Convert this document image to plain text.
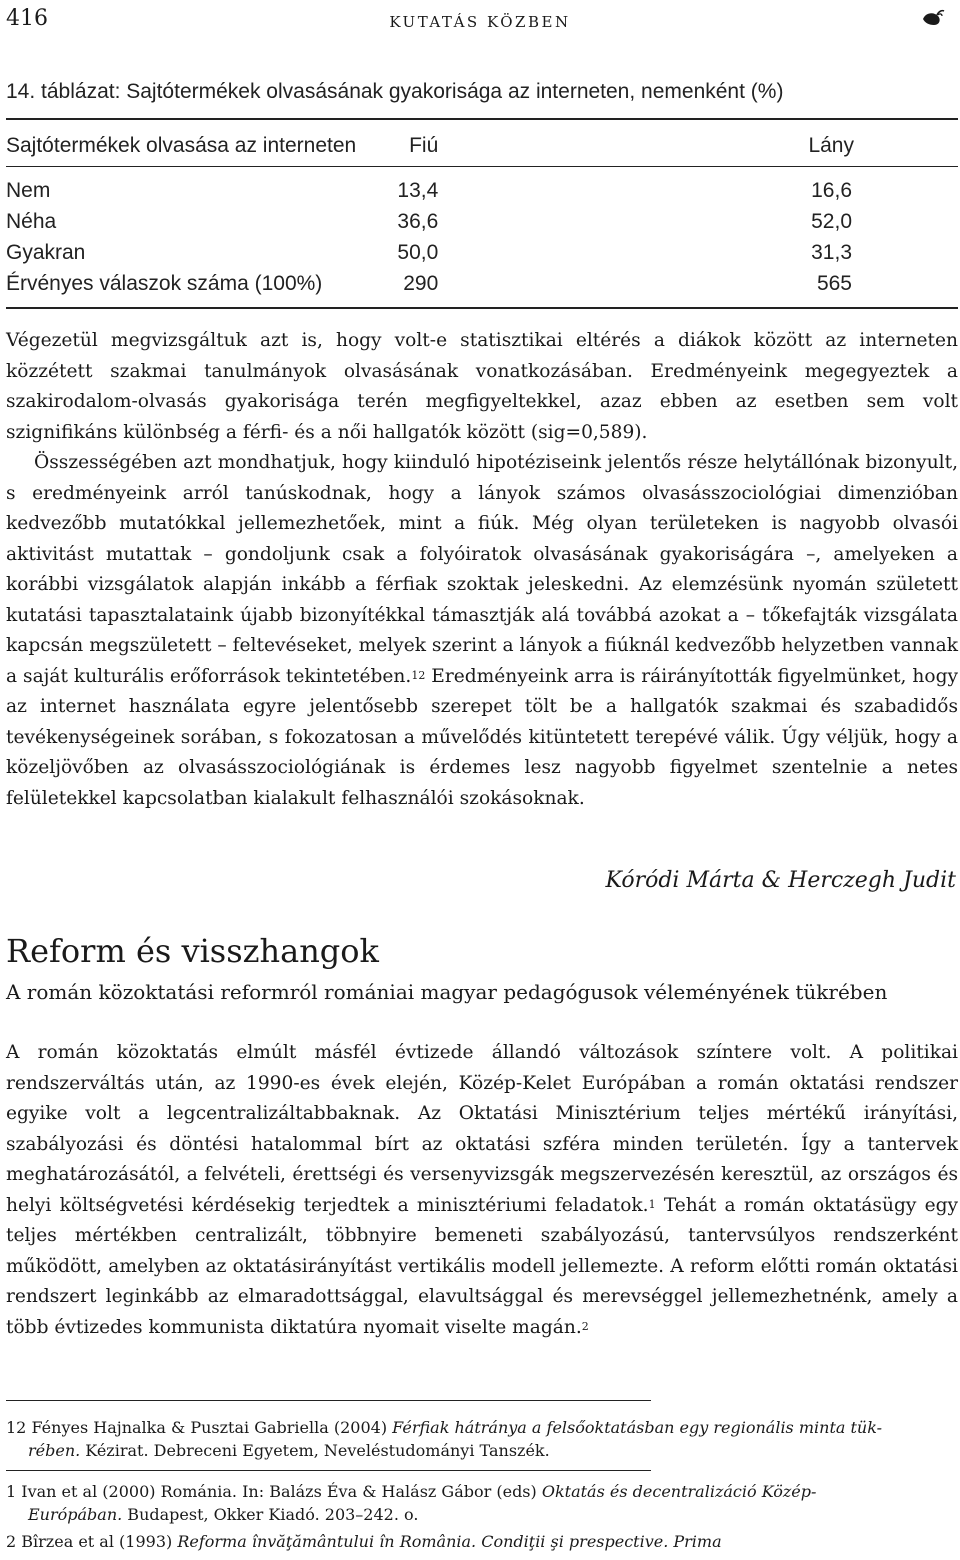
416	KUTATÁS KÖZBEN
14. táblázat: Sajtótermékek olvasásának gyakorisága az interneten, nemenként (%)
Sajtótermékek olvasása az interneten	Fiú	Lány
Nem	13,4	16,6
Néha	36,6	52,0
Gyakran	50,0	31,3
Érvényes válaszok száma (100%)	290	565

Végezetül megvizsgáltuk azt is, hogy volt-e statisztikai eltérés a diákok között az interneten közzétett szakmai tanulmányok olvasásának vonatkozásában. Eredményeink megegyeztek a szakirodalom-olvasás gyakorisága terén megfigyeltekkel, azaz ebben az esetben sem volt szignifikáns különbség a férfi- és a női hallgatók között (sig=0,589).

Összességében azt mondhatjuk, hogy kiinduló hipotéziseink jelentős része helytállónak bizonyult, s eredményeink arról tanúskodnak, hogy a lányok számos olvasásszociológiai dimenzióban kedvezőbb mutatókkal jellemezhetőek, mint a fiúk. Még olyan területeken is nagyobb olvasói aktivitást mutattak – gondoljunk csak a folyóiratok olvasásának gyakoriságára –, amelyeken a korábbi vizsgálatok alapján inkább a férfiak szoktak jeleskedni. Az elemzésünk nyomán született kutatási tapasztalataink újabb bizonyítékkal támasztják alá továbbá azokat a – tőkefajták vizsgálata kapcsán megszületett – feltevéseket, melyek szerint a lányok a fiúknál kedvezőbb helyzetben vannak a saját kulturális erőforrások tekintetében.$^{12}$ Eredményeink arra is ráirányították figyelmünket, hogy az internet használata egyre jelentősebb szerepet tölt be a hallgatók szakmai és szabadidős tevékenységeinek sorában, s fokozatosan a művelődés kitüntetett terepévé válik. Úgy véljük, hogy a közeljövőben az olvasásszociológiának is érdemes lesz nagyobb figyelmet szentelnie a netes felületekkel kapcsolatban kialakult felhasználói szokásoknak.

Kóródi Márta & Herczegh Judit
Reform és visszhangok
A román közoktatási reformról romániai magyar pedagógusok véleményének tükrében

A román közoktatás elmúlt másfél évtizede állandó változások színtere volt. A politikai rendszerváltás után, az 1990-es évek elején, Közép-Kelet Európában a román oktatási rendszer egyike volt a legcentralizáltabbaknak. Az Oktatási Minisztérium teljes mértékű irányítási, szabályozási és döntési hatalommal bírt az oktatási szféra minden területén. Így a tantervek meghatározásától, a felvételi, érettségi és versenyvizsgák megszervezésén keresztül, az országos és helyi költségvetési kérdésekig terjedtek a minisztériumi feladatok.$^1$ Tehát a román oktatásügy egy teljes mértékben centralizált, többnyire bemeneti szabályozású, tantervsúlyos rendszerként működött, amelyben az oktatásirányítást vertikális modell jellemezte. A reform előtti román oktatási rendszert leginkább az elmaradottsággal, elavultsággal és merevséggel jellemezhetnénk, amely a több évtizedes kommunista diktatúra nyomait viselte magán.$^2$

12 Fényes Hajnalka & Pusztai Gabriella (2004) Férfiak hátránya a felsőoktatásban egy regionális minta tük-
rében. Kézirat. Debreceni Egyetem, Neveléstudományi Tanszék.
1 Ivan et al (2000) Románia. In: Balázs Éva & Halász Gábor (eds) Oktatás és decentralizáció Közép-
Európában. Budapest, Okker Kiadó. 203–242. o.
2 Bîrzea et al (1993) Reforma învăţământului în România. Condiţii şi prespective. Prima
